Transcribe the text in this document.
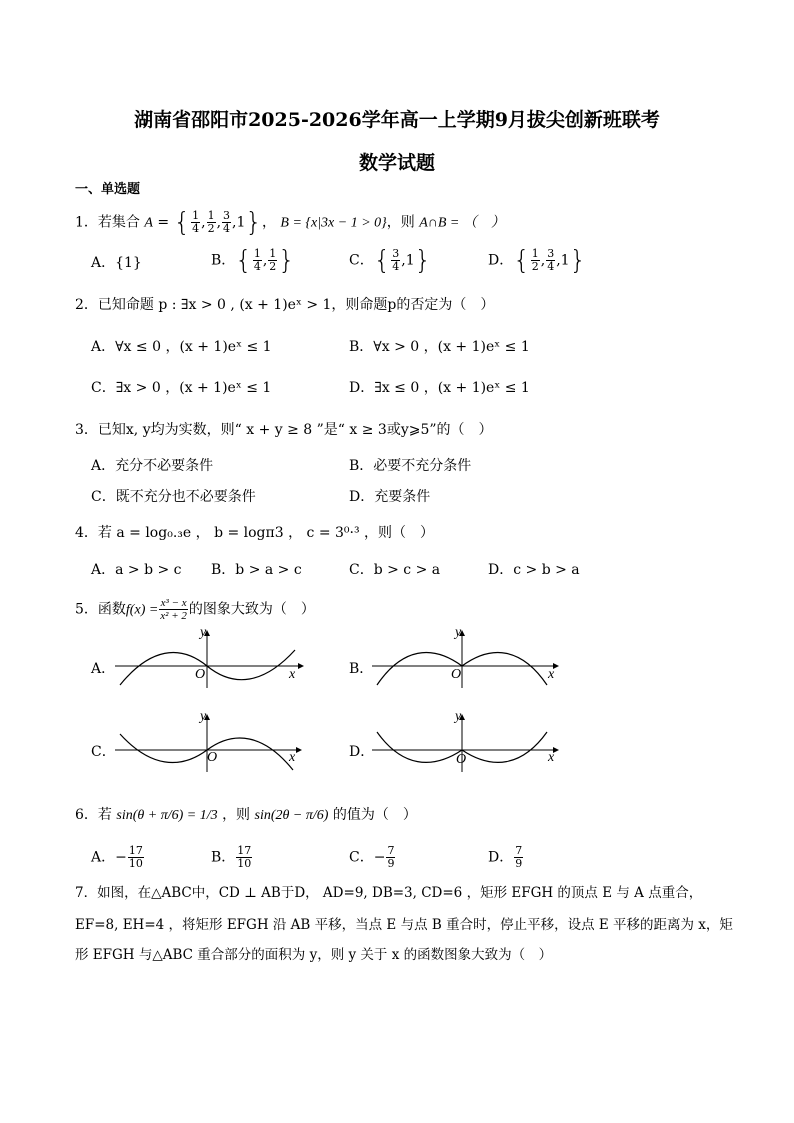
湖南省邵阳市2025-2026学年高一上学期9月拔尖创新班联考
数学试题
一、单选题
1．若集合 A = { $\frac{1}{4}$ , $\frac{1}{2}$ , $\frac{3}{4} ,1$}， B = {x|3x − 1 > 0}，则 A∩B = （　）
A．{1}	B．{ $\frac{1}{4}$ , $\frac{1}{2}$ }	C．{ $\frac{3}{4} ,1$}	D．{ $\frac{1}{2}$ , $\frac{3}{4} ,1$}
2．已知命题 p : ∃x > 0 , (x + 1)eˣ > 1，则命题p的否定为（　）
A．∀x ≤ 0 ，(x + 1)eˣ ≤ 1	B．∀x > 0 ，(x + 1)eˣ ≤ 1
C．∃x > 0 ，(x + 1)eˣ ≤ 1	D．∃x ≤ 0 ，(x + 1)eˣ ≤ 1
3．已知x, y均为实数，则“ x + y ≥ 8 ”是“ x ≥ 3或y⩾5”的（　）
A．充分不必要条件	B．必要不充分条件
C．既不充分也不必要条件	D．充要条件
4．若 a = log₀.₃e ， b = logπ3 ， c = 3⁰·³ ，则（　）
A．a > b > c B．b > a > c	C．b > c > a	D．c > b > a
5．函数$f(x) = \frac{\text{x³ − x}}{\text{x² + 2}}$ 的图象大致为（　）
A．
y
O	x	B．
y
O	x
C．
y
O	x	D．
y
O	x
6．若 sin(θ + π/6) = 1/3 ，则 sin(2θ − π/6) 的值为（　）
A．− $\frac{17}{10}$	B． $\frac{17}{10}$	C．− $\frac{7}{9}$	D． $\frac{7}{9}$
7．如图，在△ABC中，CD ⊥ AB于D， AD=9, DB=3, CD=6 ，矩形 EFGH 的顶点 E 与 A 点重合，
EF=8, EH=4 ，将矩形 EFGH 沿 AB 平移，当点 E 与点 B 重合时，停止平移，设点 E 平移的距离为 x，矩
形 EFGH 与△ABC 重合部分的面积为 y，则 y 关于 x 的函数图象大致为（　）
